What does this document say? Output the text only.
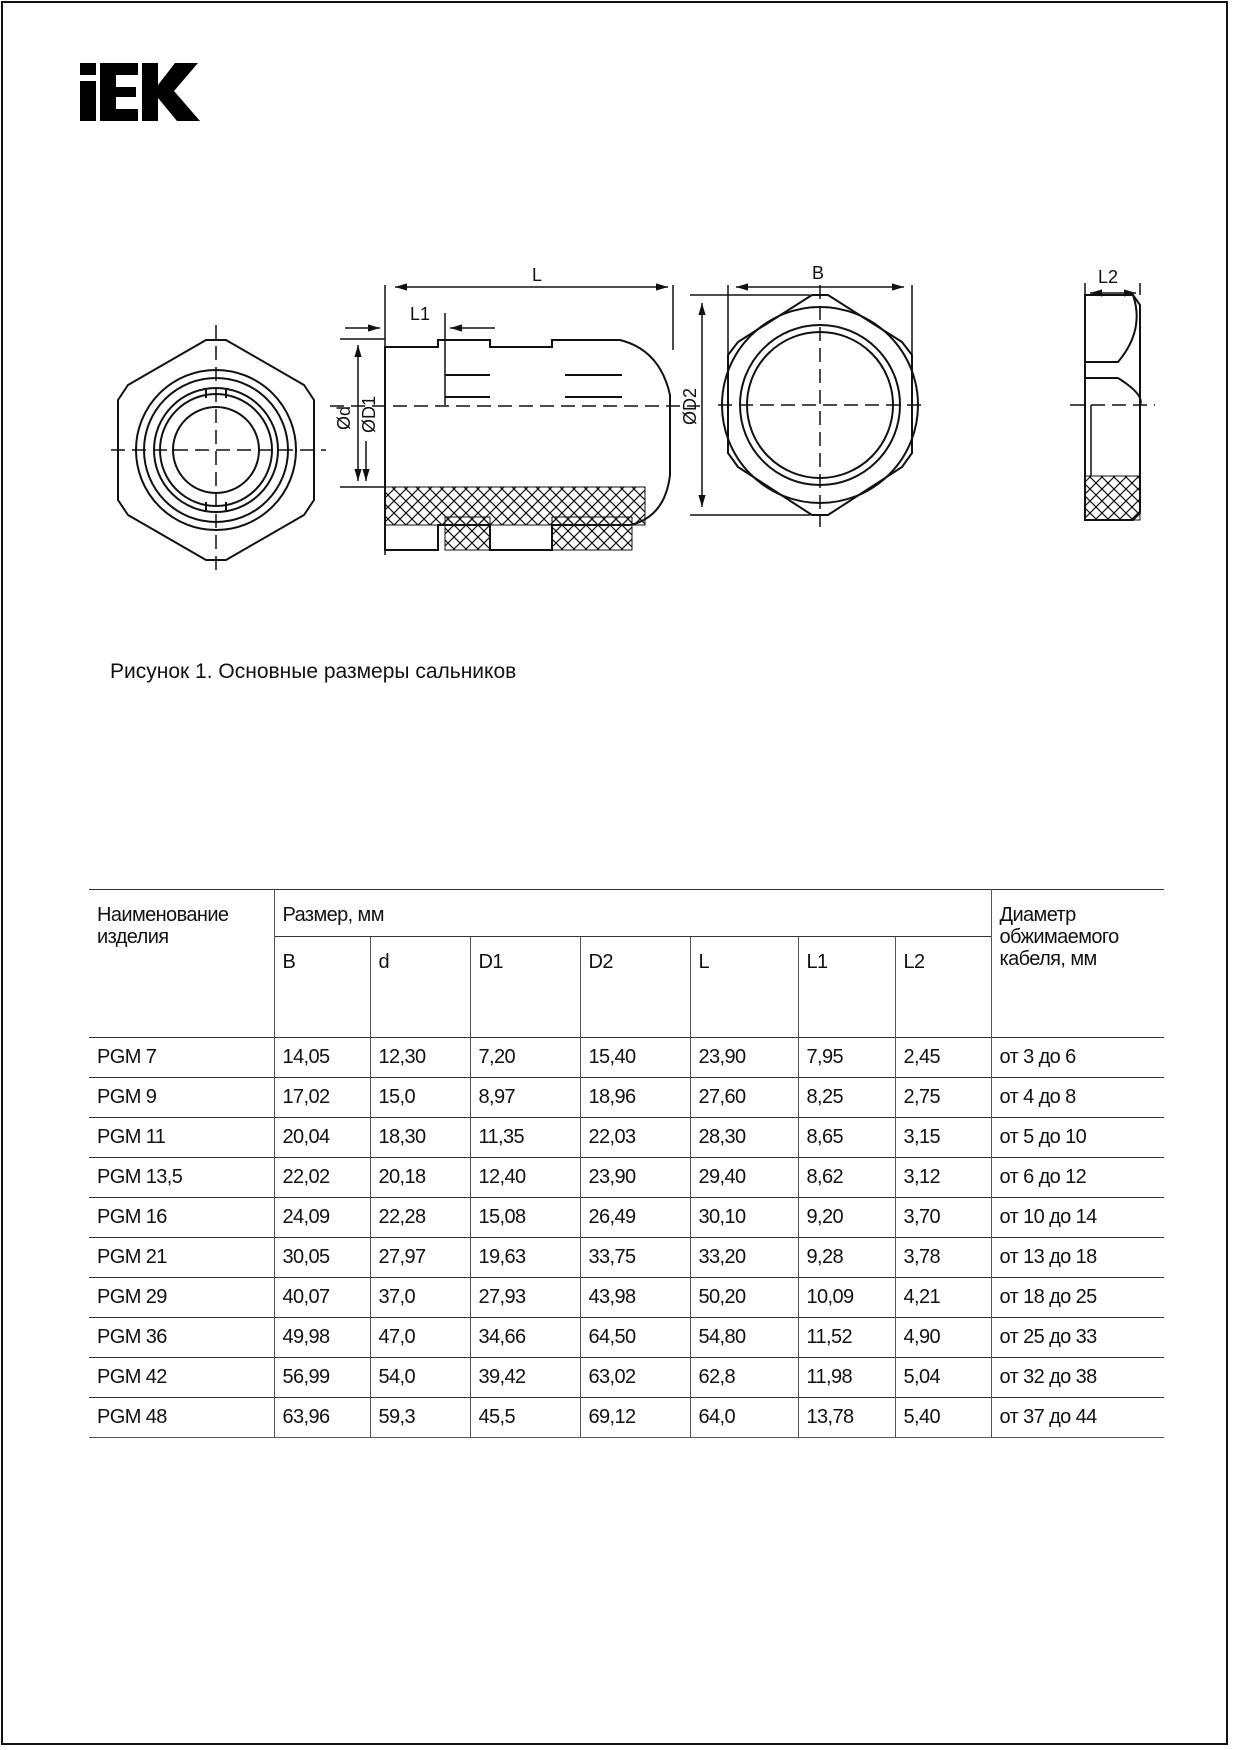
L
L1
Ød ØD1
B
ØD2
L2
Рисунок 1. Основные размеры сальников
Наименование изделия	Размер, мм							Диаметр обжимаемого кабеля, мм
	B	d	D1	D2	L	L1	L2	
PGM 7	14,05	12,30	7,20	15,40	23,90	7,95	2,45	от 3 до 6
PGM 9	17,02	15,0	8,97	18,96	27,60	8,25	2,75	от 4 до 8
PGM 11	20,04	18,30	11,35	22,03	28,30	8,65	3,15	от 5 до 10
PGM 13,5	22,02	20,18	12,40	23,90	29,40	8,62	3,12	от 6 до 12
PGM 16	24,09	22,28	15,08	26,49	30,10	9,20	3,70	от 10 до 14
PGM 21	30,05	27,97	19,63	33,75	33,20	9,28	3,78	от 13 до 18
PGM 29	40,07	37,0	27,93	43,98	50,20	10,09	4,21	от 18 до 25
PGM 36	49,98	47,0	34,66	64,50	54,80	11,52	4,90	от 25 до 33
PGM 42	56,99	54,0	39,42	63,02	62,8	11,98	5,04	от 32 до 38
PGM 48	63,96	59,3	45,5	69,12	64,0	13,78	5,40	от 37 до 44
